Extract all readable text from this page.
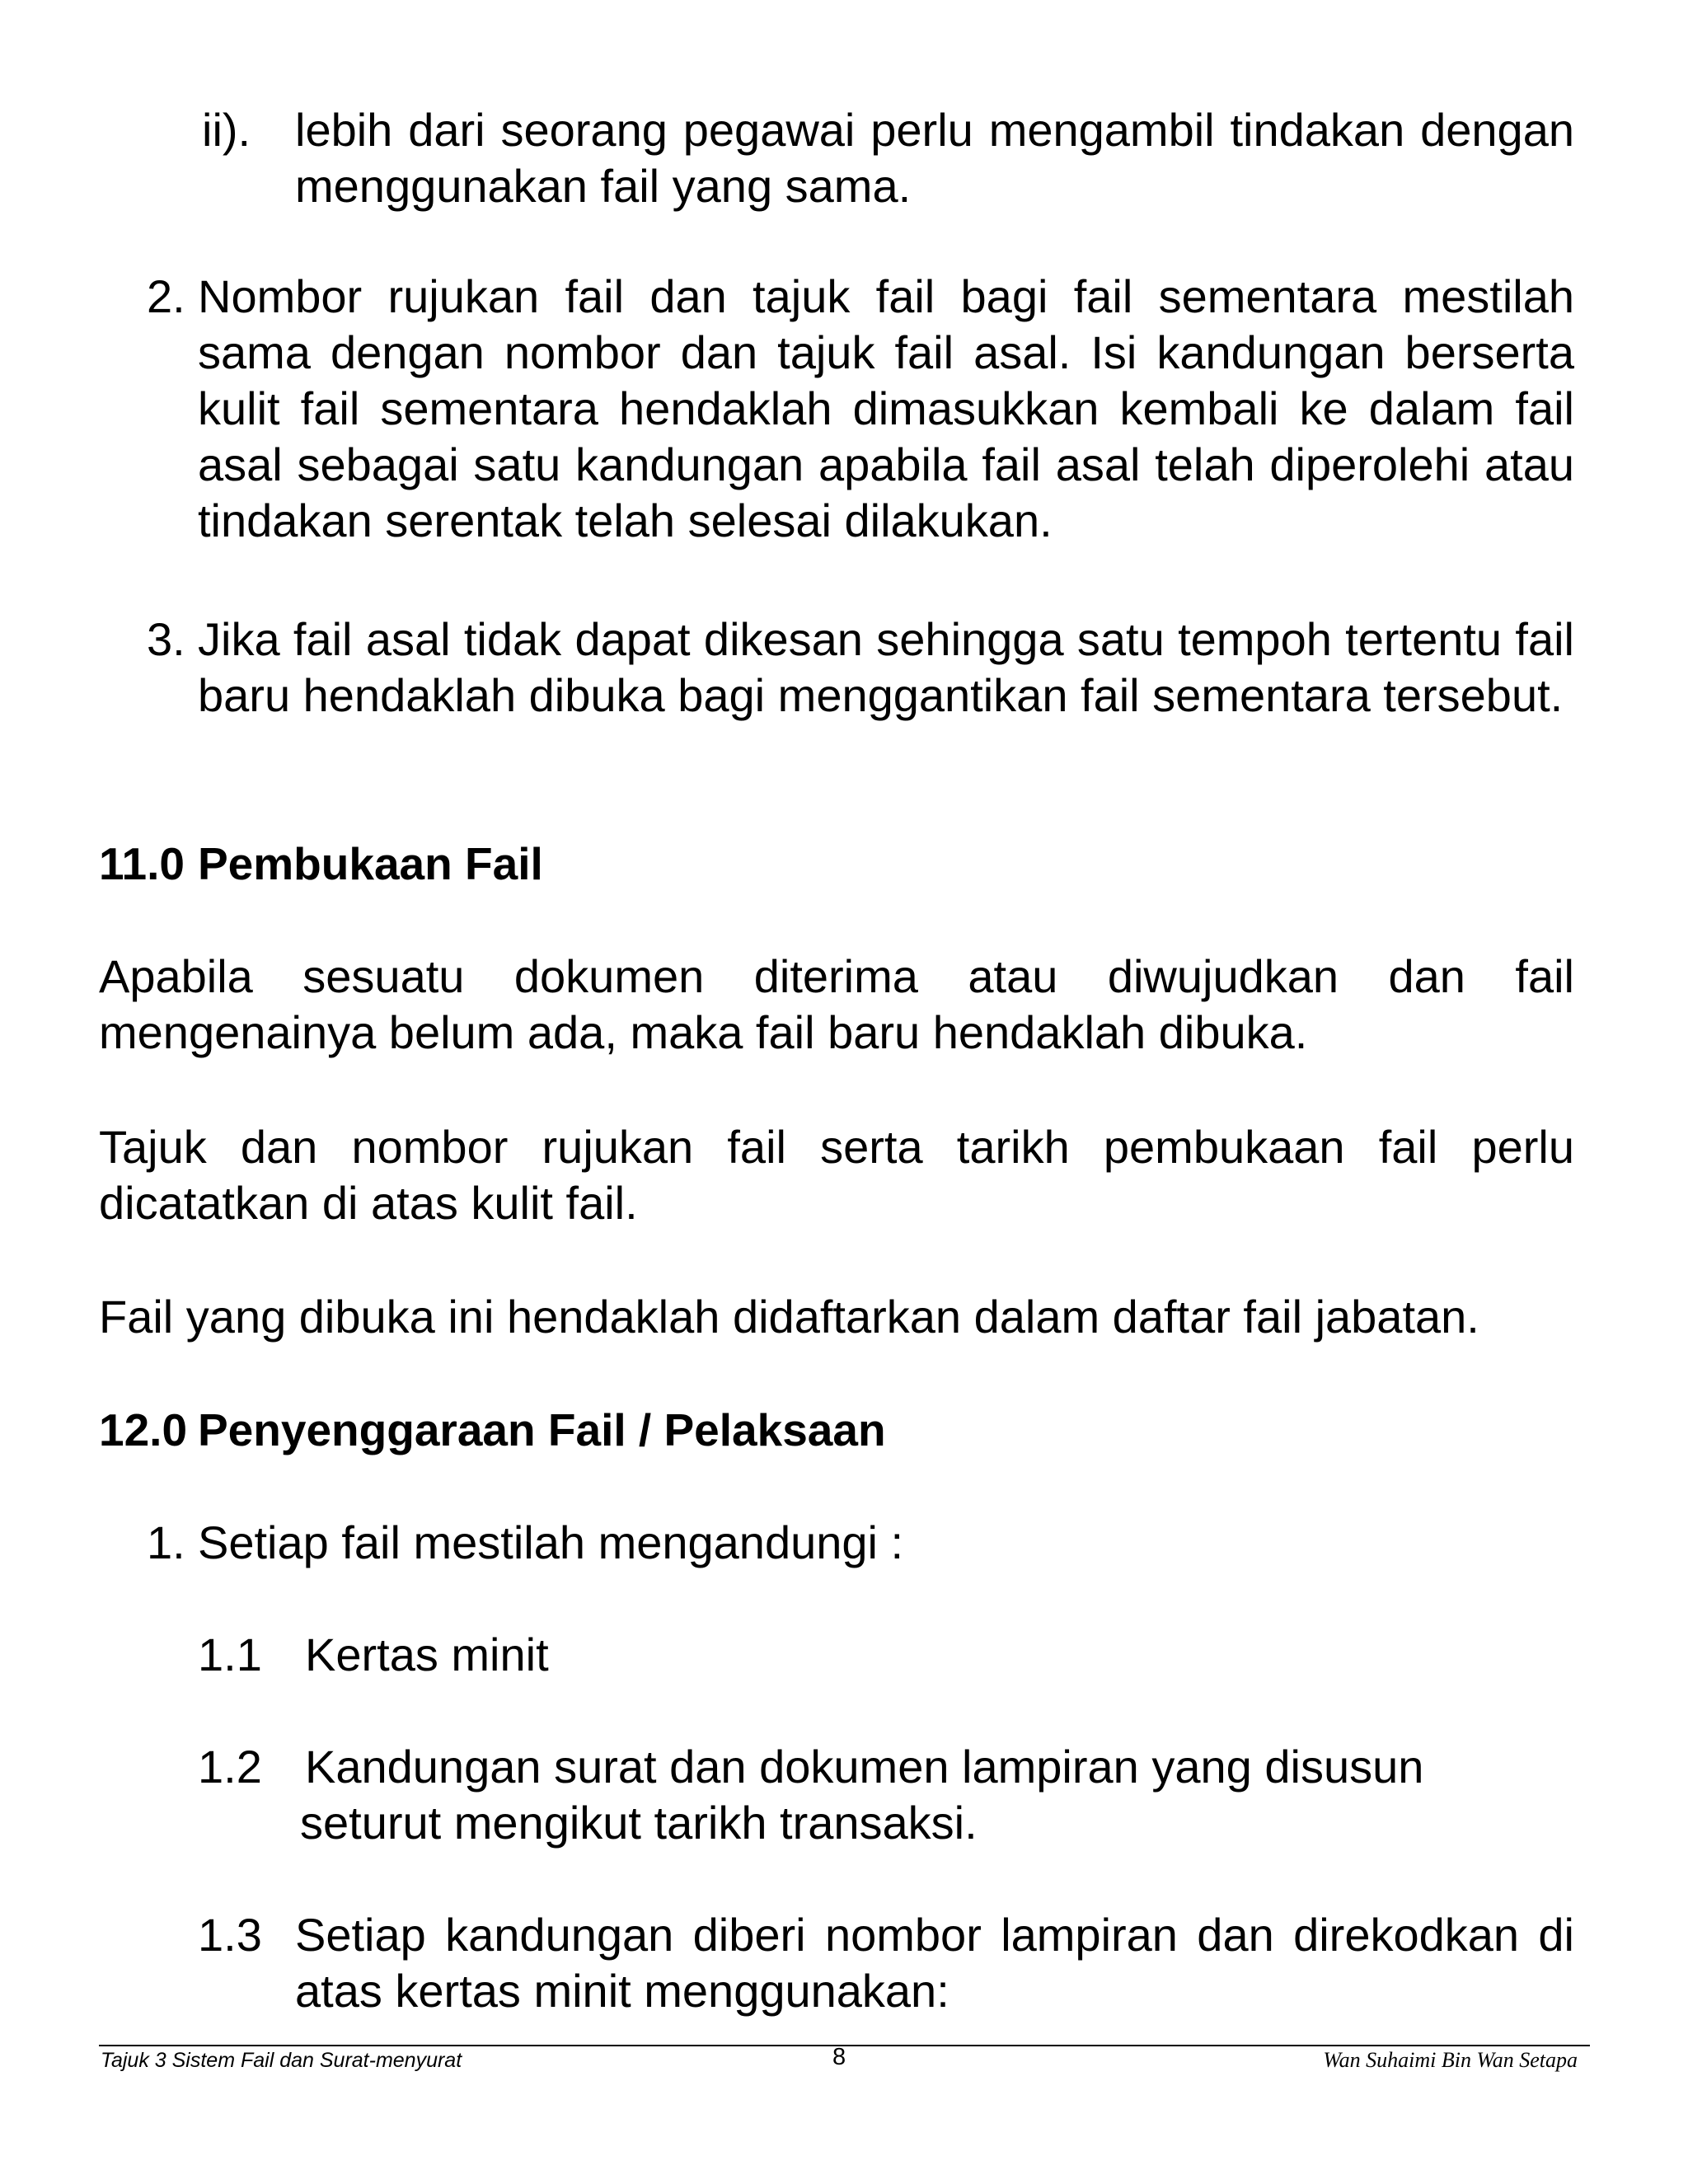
ii). lebih dari seorang pegawai perlu mengambil tindakan dengan menggunakan fail yang sama.
2. Nombor rujukan fail dan tajuk fail bagi fail sementara mestilah sama dengan nombor dan tajuk fail asal. Isi kandungan berserta kulit fail sementara hendaklah dimasukkan kembali ke dalam fail asal sebagai satu kandungan apabila fail asal telah diperolehi atau tindakan serentak telah selesai dilakukan.
3. Jika fail asal tidak dapat dikesan sehingga satu tempoh tertentu fail baru hendaklah dibuka bagi menggantikan fail sementara tersebut.
11.0 Pembukaan Fail
Apabila sesuatu dokumen diterima atau diwujudkan dan fail mengenainya belum ada, maka fail baru hendaklah dibuka.
Tajuk dan nombor rujukan fail serta tarikh pembukaan fail perlu dicatatkan di atas kulit fail.
Fail yang dibuka ini hendaklah didaftarkan dalam daftar fail jabatan.
12.0 Penyenggaraan Fail / Pelaksaan
1. Setiap fail mestilah mengandungi :
1.1 Kertas minit
1.2 Kandungan surat dan dokumen lampiran yang disusun seturut mengikut tarikh transaksi.
1.3 Setiap kandungan diberi nombor lampiran dan direkodkan di atas kertas minit menggunakan:
Tajuk 3 Sistem Fail dan Surat-menyurat	8	Wan Suhaimi Bin Wan Setapa
